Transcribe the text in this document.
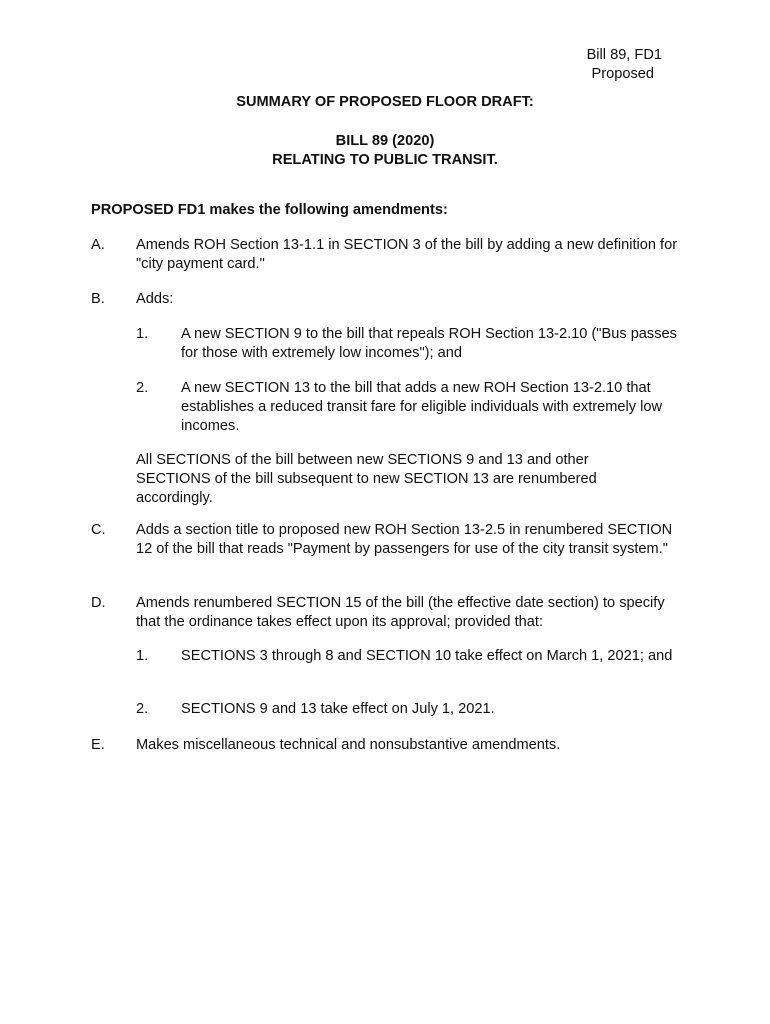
Bill 89, FD1
Proposed
SUMMARY OF PROPOSED FLOOR DRAFT:
BILL 89 (2020)
RELATING TO PUBLIC TRANSIT.
PROPOSED FD1 makes the following amendments:
A. Amends ROH Section 13-1.1 in SECTION 3 of the bill by adding a new definition for "city payment card."
B. Adds:
1. A new SECTION 9 to the bill that repeals ROH Section 13-2.10 ("Bus passes for those with extremely low incomes"); and
2. A new SECTION 13 to the bill that adds a new ROH Section 13-2.10 that establishes a reduced transit fare for eligible individuals with extremely low incomes.
All SECTIONS of the bill between new SECTIONS 9 and 13 and other SECTIONS of the bill subsequent to new SECTION 13 are renumbered accordingly.
C. Adds a section title to proposed new ROH Section 13-2.5 in renumbered SECTION 12 of the bill that reads "Payment by passengers for use of the city transit system."
D. Amends renumbered SECTION 15 of the bill (the effective date section) to specify that the ordinance takes effect upon its approval; provided that:
1. SECTIONS 3 through 8 and SECTION 10 take effect on March 1, 2021; and
2. SECTIONS 9 and 13 take effect on July 1, 2021.
E. Makes miscellaneous technical and nonsubstantive amendments.
